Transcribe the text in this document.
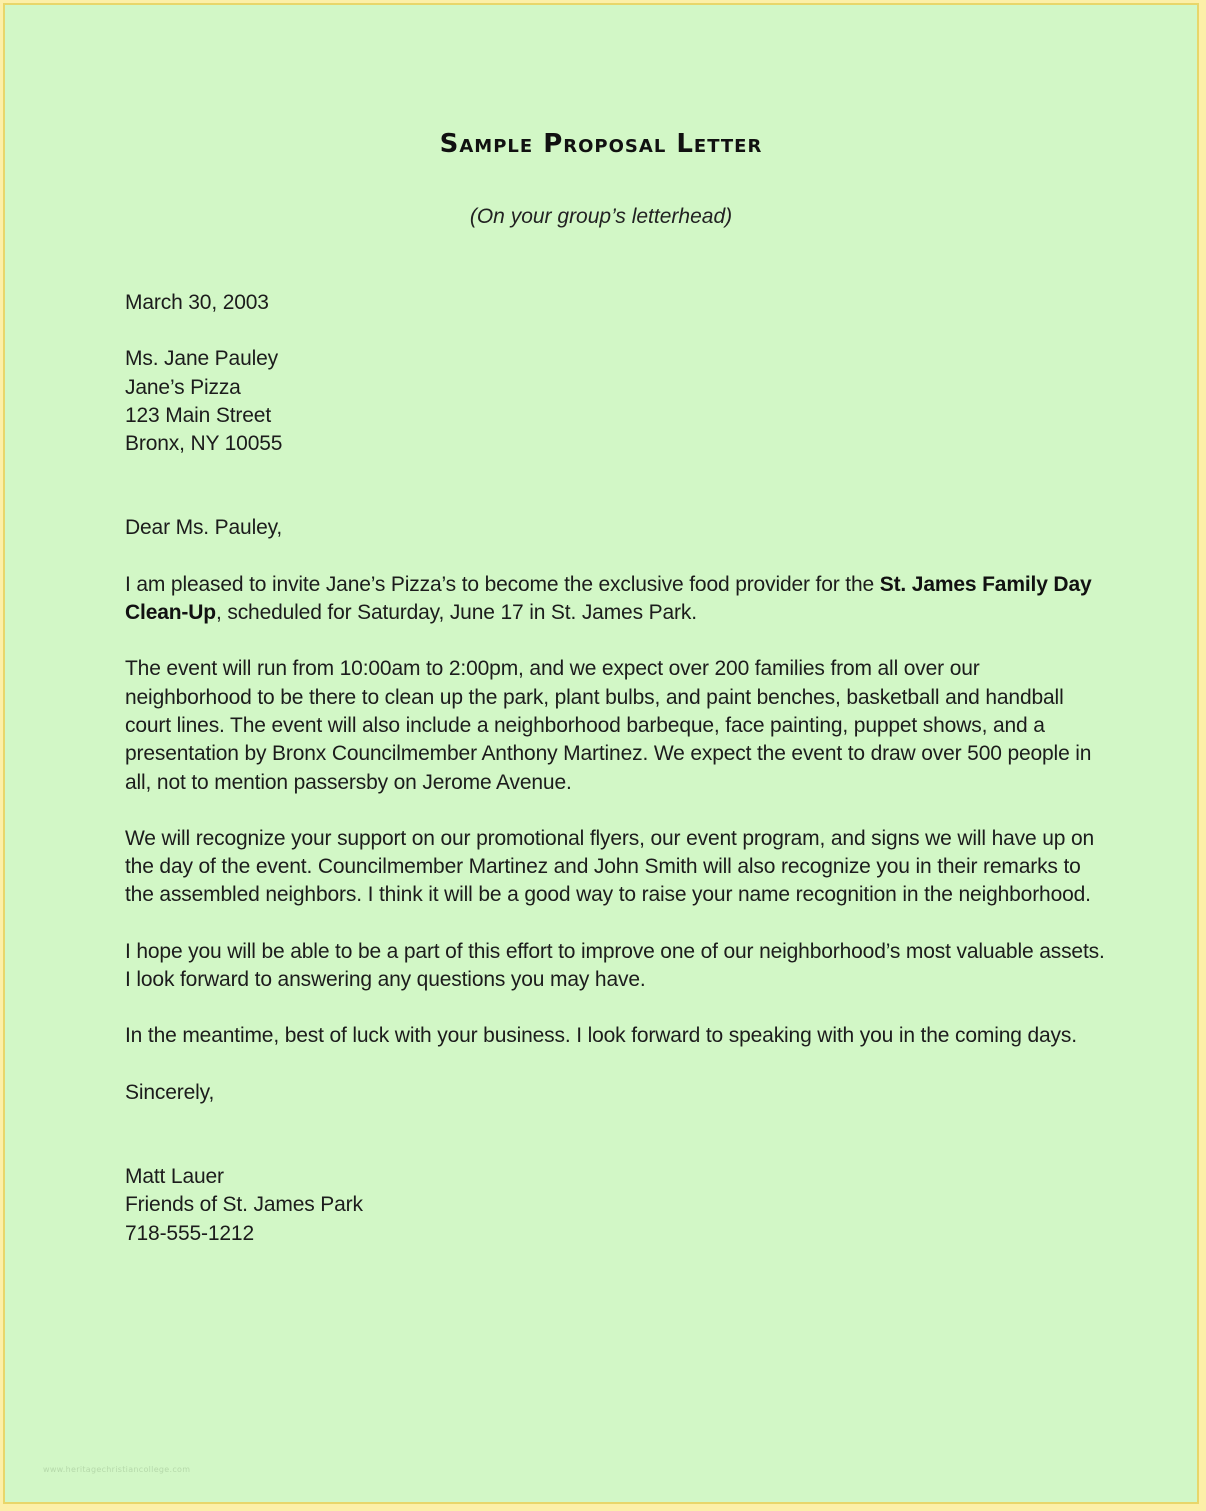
Sample Proposal Letter

(On your group’s letterhead)

March 30, 2003

Ms. Jane Pauley
Jane’s Pizza
123 Main Street
Bronx, NY 10055

Dear Ms. Pauley,

I am pleased to invite Jane’s Pizza’s to become the exclusive food provider for the St. James Family Day
Clean-Up, scheduled for Saturday, June 17 in St. James Park.

The event will run from 10:00am to 2:00pm, and we expect over 200 families from all over our
neighborhood to be there to clean up the park, plant bulbs, and paint benches, basketball and handball
court lines. The event will also include a neighborhood barbeque, face painting, puppet shows, and a
presentation by Bronx Councilmember Anthony Martinez. We expect the event to draw over 500 people in
all, not to mention passersby on Jerome Avenue.

We will recognize your support on our promotional flyers, our event program, and signs we will have up on
the day of the event. Councilmember Martinez and John Smith will also recognize you in their remarks to
the assembled neighbors. I think it will be a good way to raise your name recognition in the neighborhood.

I hope you will be able to be a part of this effort to improve one of our neighborhood’s most valuable assets.
I look forward to answering any questions you may have.

In the meantime, best of luck with your business. I look forward to speaking with you in the coming days.

Sincerely,

Matt Lauer
Friends of St. James Park
718-555-1212
www.heritagechristiancollege.com
